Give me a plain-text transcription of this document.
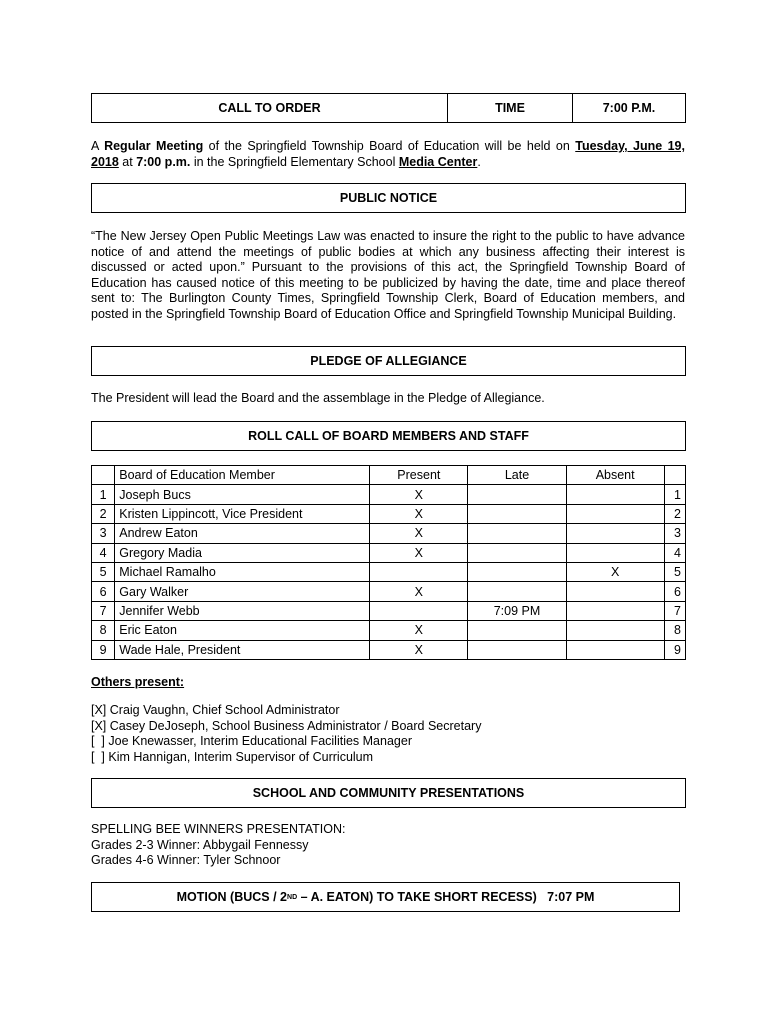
CALL TO ORDER	TIME	7:00 P.M.
A Regular Meeting of the Springfield Township Board of Education will be held on Tuesday, June 19, 2018 at 7:00 p.m. in the Springfield Elementary School Media Center.
PUBLIC NOTICE
“The New Jersey Open Public Meetings Law was enacted to insure the right to the public to have advance notice of and attend the meetings of public bodies at which any business affecting their interest is discussed or acted upon.” Pursuant to the provisions of this act, the Springfield Township Board of Education has caused notice of this meeting to be publicized by having the date, time and place thereof sent to: The Burlington County Times, Springfield Township Clerk, Board of Education members, and posted in the Springfield Township Board of Education Office and Springfield Township Municipal Building.
PLEDGE OF ALLEGIANCE
The President will lead the Board and the assemblage in the Pledge of Allegiance.
ROLL CALL OF BOARD MEMBERS AND STAFF
	Board of Education Member	Present	Late	Absent	
1	Joseph Bucs	X			1
2	Kristen Lippincott, Vice President	X			2
3	Andrew Eaton	X			3
4	Gregory Madia	X			4
5	Michael Ramalho			X	5
6	Gary Walker	X			6
7	Jennifer Webb		7:09 PM		7
8	Eric Eaton	X			8
9	Wade Hale, President	X			9
Others present:
[X] Craig Vaughn, Chief School Administrator
[X] Casey DeJoseph, School Business Administrator / Board Secretary
[  ] Joe Knewasser, Interim Educational Facilities Manager
[  ] Kim Hannigan, Interim Supervisor of Curriculum
SCHOOL AND COMMUNITY PRESENTATIONS
SPELLING BEE WINNERS PRESENTATION:
Grades 2-3 Winner: Abbygail Fennessy
Grades 4-6 Winner: Tyler Schnoor
MOTION (BUCS / 2 ND – A. EATON) TO TAKE SHORT RECESS)   7:07 PM
